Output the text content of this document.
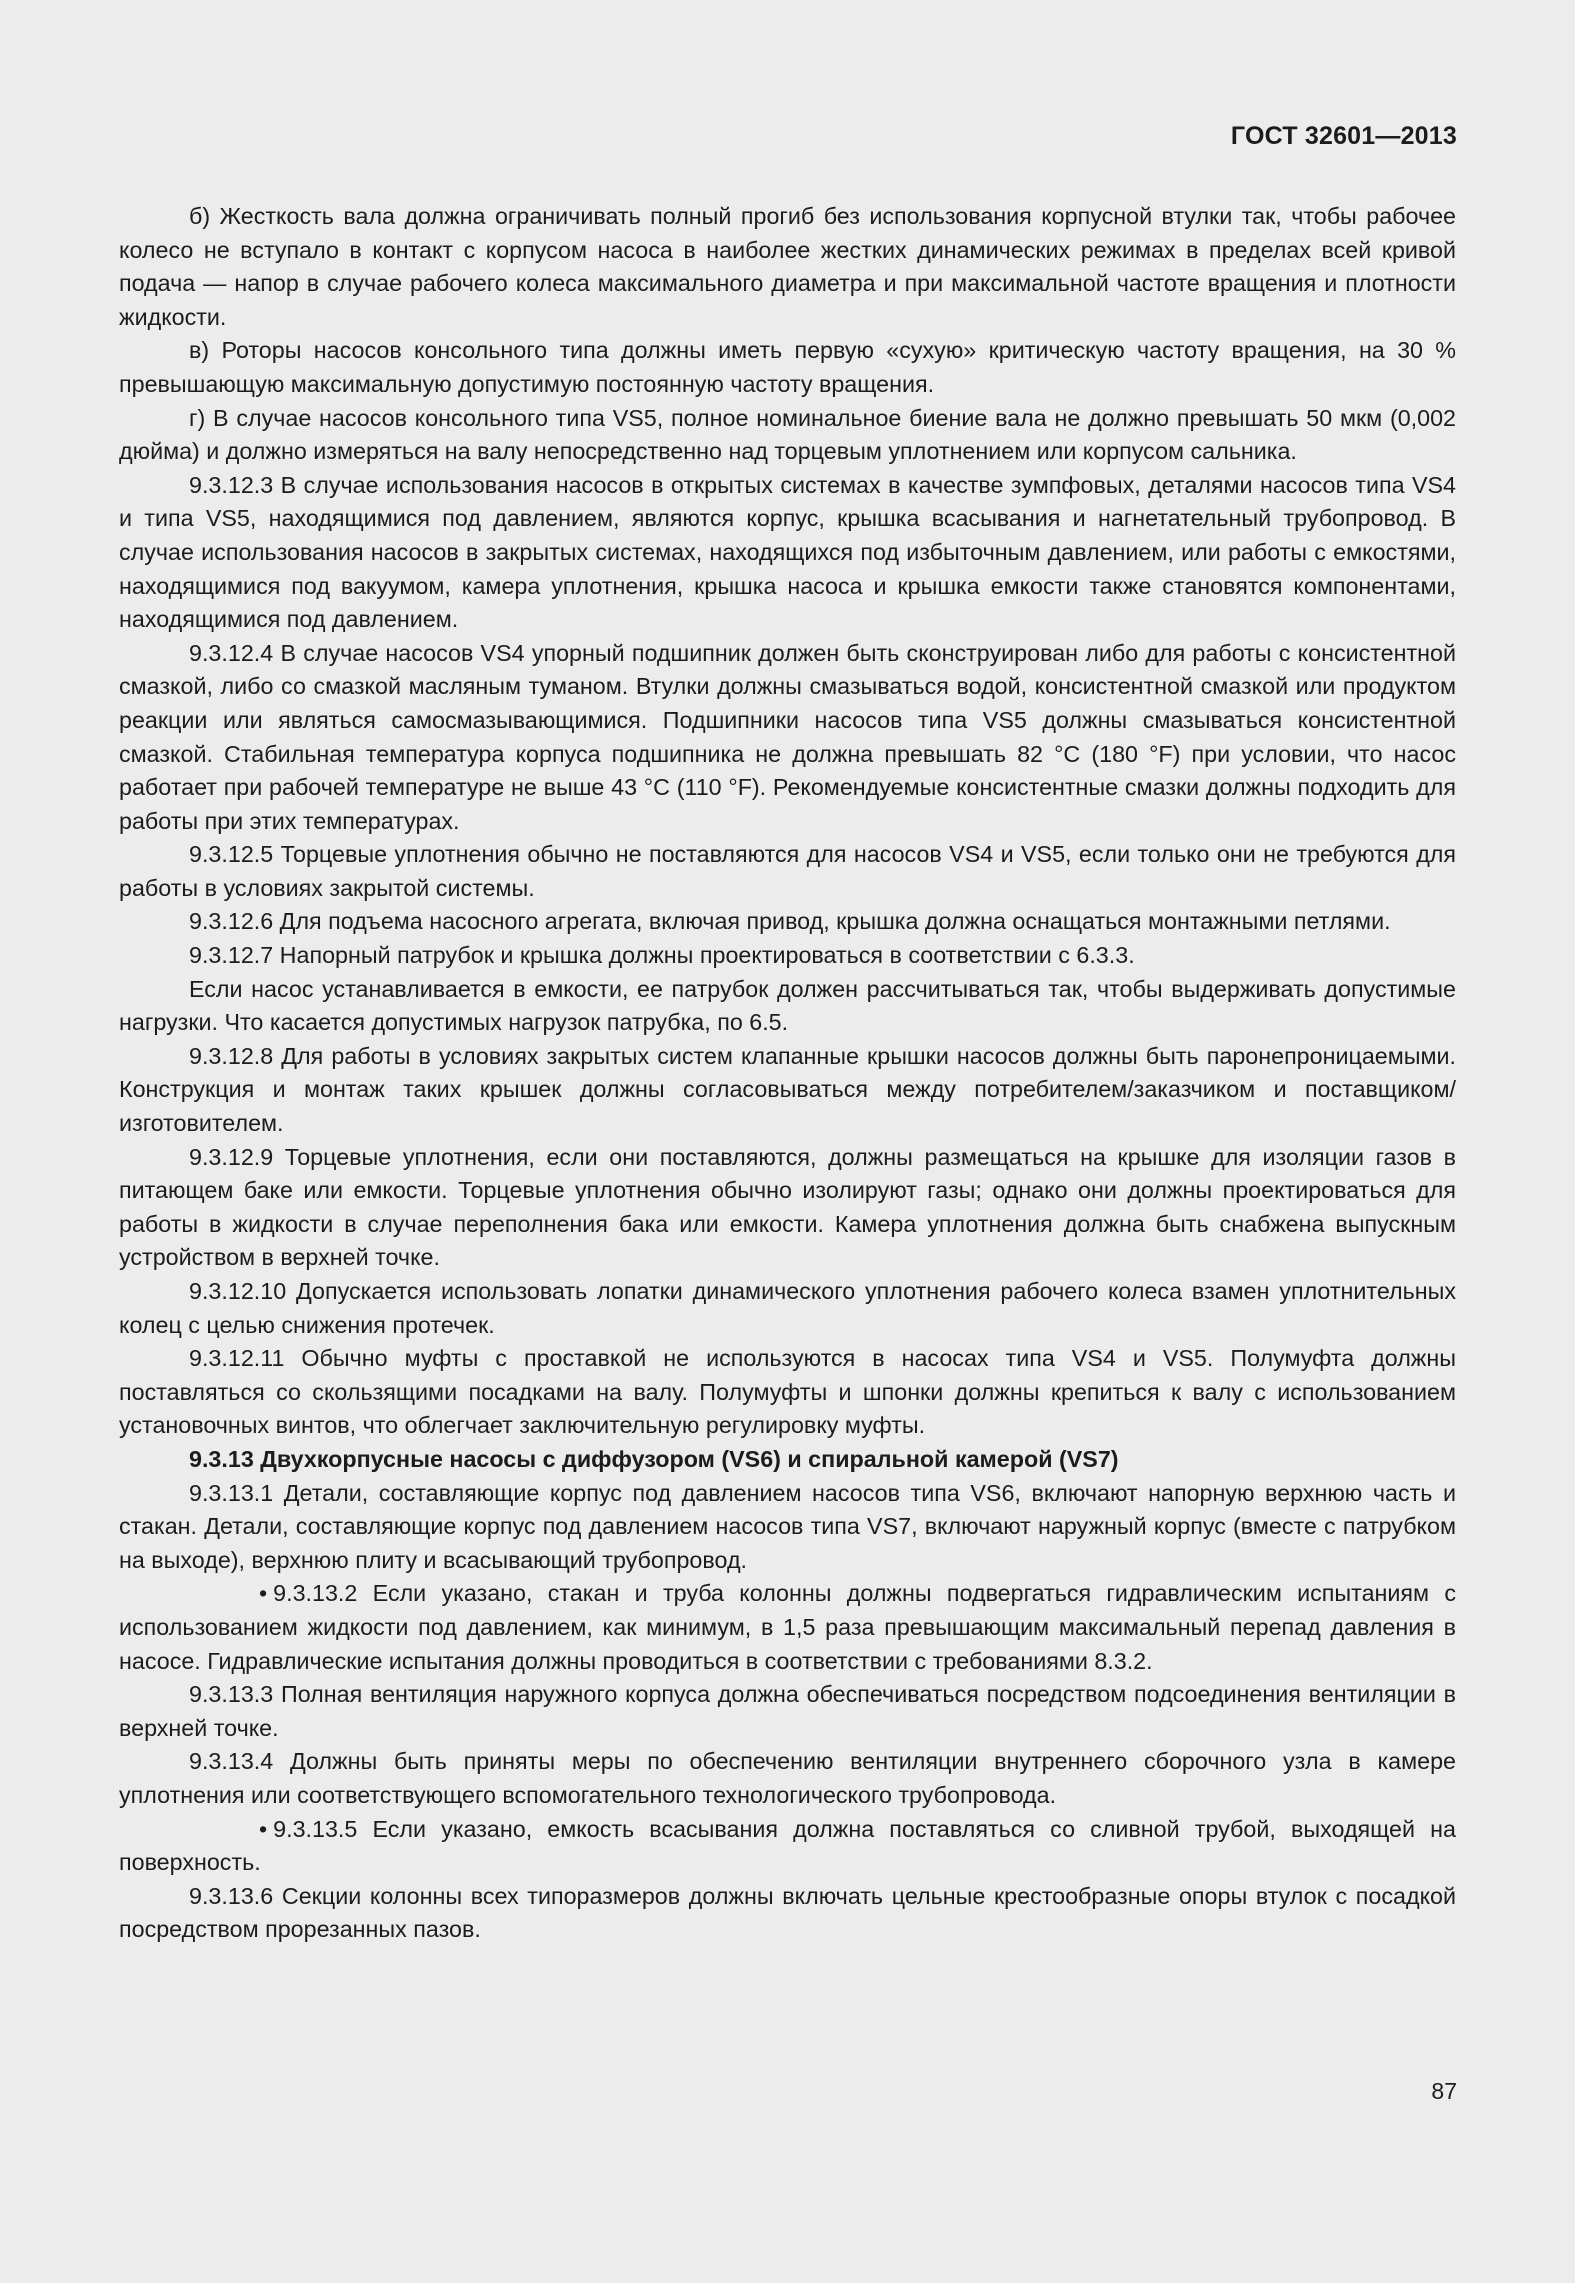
ГОСТ 32601—2013

б) Жесткость вала должна ограничивать полный прогиб без использования корпусной втулки так, чтобы рабочее колесо не вступало в контакт с корпусом насоса в наиболее жестких динамических режимах в пределах всей кривой подача — напор в случае рабочего колеса максимального диаметра и при максимальной частоте вращения и плотности жидкости.

в) Роторы насосов консольного типа должны иметь первую «сухую» критическую частоту вращения, на 30 % превышающую максимальную допустимую постоянную частоту вращения.

г) В случае насосов консольного типа VS5, полное номинальное биение вала не должно превышать 50 мкм (0,002 дюйма) и должно измеряться на валу непосредственно над торцевым уплотнением или корпусом сальника.

9.3.12.3 В случае использования насосов в открытых системах в качестве зумпфовых, деталями насосов типа VS4 и типа VS5, находящимися под давлением, являются корпус, крышка всасывания и нагнетательный трубопровод. В случае использования насосов в закрытых системах, находящихся под избыточным давлением, или работы с емкостями, находящимися под вакуумом, камера уплотнения, крышка насоса и крышка емкости также становятся компонентами, находящимися под давлением.

9.3.12.4 В случае насосов VS4 упорный подшипник должен быть сконструирован либо для работы с консистентной смазкой, либо со смазкой масляным туманом. Втулки должны смазываться водой, консистентной смазкой или продуктом реакции или являться самосмазывающимися. Подшипники насосов типа VS5 должны смазываться консистентной смазкой. Стабильная температура корпуса подшипника не должна превышать 82 °С (180 °F) при условии, что насос работает при рабочей температуре не выше 43 °С (110 °F). Рекомендуемые консистентные смазки должны подходить для работы при этих температурах.

9.3.12.5 Торцевые уплотнения обычно не поставляются для насосов VS4 и VS5, если только они не требуются для работы в условиях закрытой системы.

9.3.12.6 Для подъема насосного агрегата, включая привод, крышка должна оснащаться монтажными петлями.

9.3.12.7 Напорный патрубок и крышка должны проектироваться в соответствии с 6.3.3.

Если насос устанавливается в емкости, ее патрубок должен рассчитываться так, чтобы выдерживать допустимые нагрузки. Что касается допустимых нагрузок патрубка, по 6.5.

9.3.12.8 Для работы в условиях закрытых систем клапанные крышки насосов должны быть паронепроницаемыми. Конструкция и монтаж таких крышек должны согласовываться между потребителем/заказчиком и поставщиком/изготовителем.

9.3.12.9 Торцевые уплотнения, если они поставляются, должны размещаться на крышке для изоляции газов в питающем баке или емкости. Торцевые уплотнения обычно изолируют газы; однако они должны проектироваться для работы в жидкости в случае переполнения бака или емкости. Камера уплотнения должна быть снабжена выпускным устройством в верхней точке.

9.3.12.10 Допускается использовать лопатки динамического уплотнения рабочего колеса взамен уплотнительных колец с целью снижения протечек.

9.3.12.11 Обычно муфты с проставкой не используются в насосах типа VS4 и VS5. Полумуфта должны поставляться со скользящими посадками на валу. Полумуфты и шпонки должны крепиться к валу с использованием установочных винтов, что облегчает заключительную регулировку муфты.

9.3.13 Двухкорпусные насосы с диффузором (VS6) и спиральной камерой (VS7)

9.3.13.1 Детали, составляющие корпус под давлением насосов типа VS6, включают напорную верхнюю часть и стакан. Детали, составляющие корпус под давлением насосов типа VS7, включают наружный корпус (вместе с патрубком на выходе), верхнюю плиту и всасывающий трубопровод.

• 9.3.13.2 Если указано, стакан и труба колонны должны подвергаться гидравлическим испытаниям с использованием жидкости под давлением, как минимум, в 1,5 раза превышающим максимальный перепад давления в насосе. Гидравлические испытания должны проводиться в соответствии с требованиями 8.3.2.

9.3.13.3 Полная вентиляция наружного корпуса должна обеспечиваться посредством подсоединения вентиляции в верхней точке.

9.3.13.4 Должны быть приняты меры по обеспечению вентиляции внутреннего сборочного узла в камере уплотнения или соответствующего вспомогательного технологического трубопровода.

• 9.3.13.5 Если указано, емкость всасывания должна поставляться со сливной трубой, выходящей на поверхность.

9.3.13.6 Секции колонны всех типоразмеров должны включать цельные крестообразные опоры втулок с посадкой посредством прорезанных пазов.

87
